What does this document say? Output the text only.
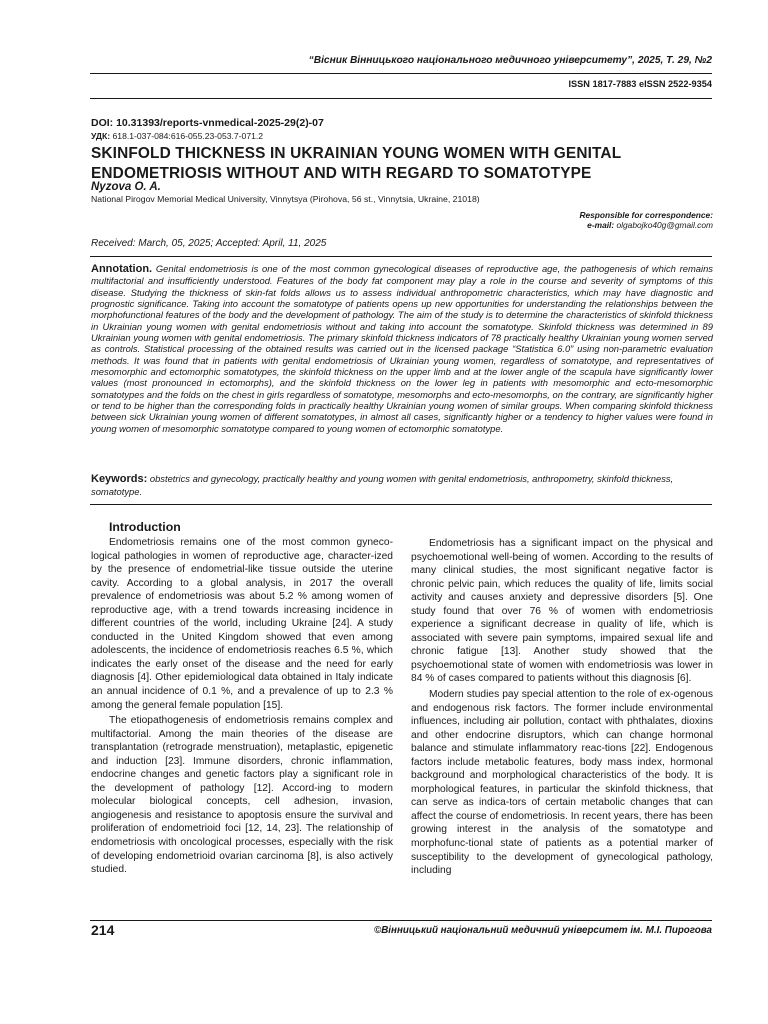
“Вісник Вінницького національного медичного університету”, 2025, Т. 29, №2
ISSN 1817-7883 eISSN 2522-9354
DOI: 10.31393/reports-vnmedical-2025-29(2)-07
УДК: 618.1-037-084:616-055.23-053.7-071.2
SKINFOLD THICKNESS IN UKRAINIAN YOUNG WOMEN WITH GENITAL ENDOMETRIOSIS WITHOUT AND WITH REGARD TO SOMATOTYPE
Nyzova O. A.
National Pirogov Memorial Medical University, Vinnytsya (Pirohova, 56 st., Vinnytsia, Ukraine, 21018)
Responsible for correspondence:
e-mail: olgabojko40g@gmail.com
Received: March, 05, 2025; Accepted: April, 11, 2025
Annotation. Genital endometriosis is one of the most common gynecological diseases of reproductive age, the pathogenesis of which remains multifactorial and insufficiently understood. Features of the body fat component may play a role in the course and severity of symptoms of this disease. Studying the thickness of skin-fat folds allows us to assess individual anthropometric characteristics, which may have diagnostic and prognostic significance. Taking into account the somatotype of patients opens up new opportunities for understanding the relationships between the morphofunctional features of the body and the development of pathology. The aim of the study is to determine the characteristics of skinfold thickness in Ukrainian young women with genital endometriosis without and taking into account the somatotype. Skinfold thickness was determined in 89 Ukrainian young women with genital endometriosis. The primary skinfold thickness indicators of 78 practically healthy Ukrainian young women served as controls. Statistical processing of the obtained results was carried out in the licensed package “Statistica 6.0” using non-parametric evaluation methods. It was found that in patients with genital endometriosis of Ukrainian young women, regardless of somatotype, and representatives of mesomorphic and ectomorphic somatotypes, the skinfold thickness on the upper limb and at the lower angle of the scapula have significantly lower values (most pronounced in ectomorphs), and the skinfold thickness on the lower leg in patients with mesomorphic and ecto-mesomorphic somatotypes and the folds on the chest in girls regardless of somatotype, mesomorphs and ecto-mesomorphs, on the contrary, are significantly higher or tend to be higher than the corresponding folds in practically healthy Ukrainian young women of similar groups. When comparing skinfold thickness between sick Ukrainian young women of different somatotypes, in almost all cases, significantly higher or a tendency to higher values were found in young women of mesomorphic somatotype compared to young women of ectomorphic somatotype.
Keywords: obstetrics and gynecology, practically healthy and young women with genital endometriosis, anthropometry, skinfold thickness, somatotype.
Introduction

Endometriosis remains one of the most common gyneco-logical pathologies in women of reproductive age, character-ized by the presence of endometrial-like tissue outside the uterine cavity. According to a global analysis, in 2017 the overall prevalence of endometriosis was about 5.2 % among women of reproductive age, with a trend towards increasing incidence in different countries of the world, including Ukraine [24]. A study conducted in the United Kingdom showed that even among adolescents, the incidence of endometriosis reaches 6.5 %, which indicates the early onset of the disease and the need for early diagnosis [4]. Other epidemiological data obtained in Italy indicate an annual incidence of 0.1 %, and a prevalence of up to 2.3 % among the general female population [15].

The etiopathogenesis of endometriosis remains complex and multifactorial. Among the main theories of the disease are transplantation (retrograde menstruation), metaplastic, epigenetic and induction [23]. Immune disorders, chronic inflammation, endocrine changes and genetic factors play a significant role in the development of pathology [12]. Accord-ing to modern molecular biological concepts, cell adhesion, invasion, angiogenesis and resistance to apoptosis ensure the survival and proliferation of endometrioid foci [12, 14, 23]. The relationship of endometriosis with oncological processes, especially with the risk of developing endometrioid ovarian carcinoma [8], is also actively studied.

Endometriosis has a significant impact on the physical and psychoemotional well-being of women. According to the results of many clinical studies, the most significant negative factor is chronic pelvic pain, which reduces the quality of life, limits social activity and causes anxiety and depressive disorders [5]. One study found that over 76 % of women with endometriosis experience a significant decrease in quality of life, which is associated with severe pain symptoms, impaired sexual life and chronic fatigue [13]. Another study showed that the psychoemotional state of women with endometriosis was lower in 84 % of cases compared to patients without this diagnosis [6].

Modern studies pay special attention to the role of ex-ogenous and endogenous risk factors. The former include environmental influences, including air pollution, contact with phthalates, dioxins and other endocrine disruptors, which can change hormonal balance and stimulate inflammatory reac-tions [22]. Endogenous factors include metabolic features, body mass index, hormonal background and morphological characteristics of the body. It is morphological features, in particular the skinfold thickness, that can serve as indica-tors of certain metabolic changes that can affect the course of endometriosis. In recent years, there has been growing interest in the analysis of the somatotype and morphofunc-tional state of patients as a potential marker of susceptibility to the development of gynecological pathology, including

214	©Вінницький національний медичний університет ім. М.І. Пирогова
